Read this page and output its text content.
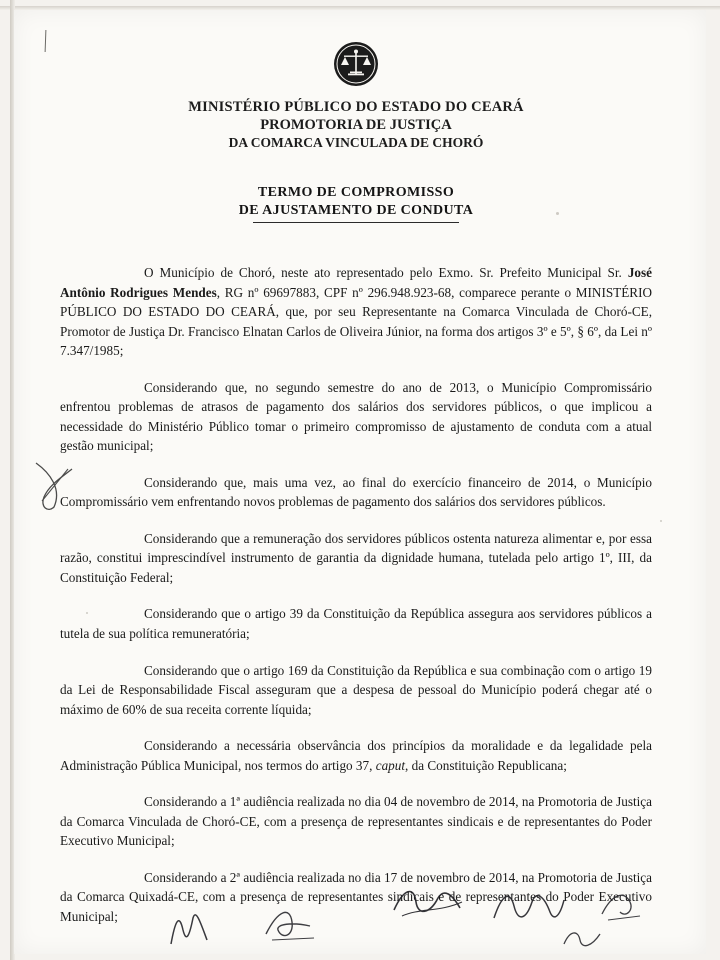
MINISTÉRIO PÚBLICO DO ESTADO DO CEARÁ
PROMOTORIA DE JUSTIÇA
DA COMARCA VINCULADA DE CHORÓ
TERMO DE COMPROMISSO
DE AJUSTAMENTO DE CONDUTA

O Município de Choró, neste ato representado pelo Exmo. Sr. Prefeito Municipal Sr. José Antônio Rodrigues Mendes, RG nº 69697883, CPF nº 296.948.923-68, comparece perante o MINISTÉRIO PÚBLICO DO ESTADO DO CEARÁ, que, por seu Representante na Comarca Vinculada de Choró-CE, Promotor de Justiça Dr. Francisco Elnatan Carlos de Oliveira Júnior, na forma dos artigos 3º e 5º, § 6º, da Lei nº 7.347/1985;

Considerando que, no segundo semestre do ano de 2013, o Município Compromissário enfrentou problemas de atrasos de pagamento dos salários dos servidores públicos, o que implicou a necessidade do Ministério Público tomar o primeiro compromisso de ajustamento de conduta com a atual gestão municipal;

Considerando que, mais uma vez, ao final do exercício financeiro de 2014, o Município Compromissário vem enfrentando novos problemas de pagamento dos salários dos servidores públicos.

Considerando que a remuneração dos servidores públicos ostenta natureza alimentar e, por essa razão, constitui imprescindível instrumento de garantia da dignidade humana, tutelada pelo artigo 1º, III, da Constituição Federal;

Considerando que o artigo 39 da Constituição da República assegura aos servidores públicos a tutela de sua política remuneratória;

Considerando que o artigo 169 da Constituição da República e sua combinação com o artigo 19 da Lei de Responsabilidade Fiscal asseguram que a despesa de pessoal do Município poderá chegar até o máximo de 60% de sua receita corrente líquida;

Considerando a necessária observância dos princípios da moralidade e da legalidade pela Administração Pública Municipal, nos termos do artigo 37, caput, da Constituição Republicana;

Considerando a 1ª audiência realizada no dia 04 de novembro de 2014, na Promotoria de Justiça da Comarca Vinculada de Choró-CE, com a presença de representantes sindicais e de representantes do Poder Executivo Municipal;

Considerando a 2ª audiência realizada no dia 17 de novembro de 2014, na Promotoria de Justiça da Comarca Quixadá-CE, com a presença de representantes sindicais e de representantes do Poder Executivo Municipal;
